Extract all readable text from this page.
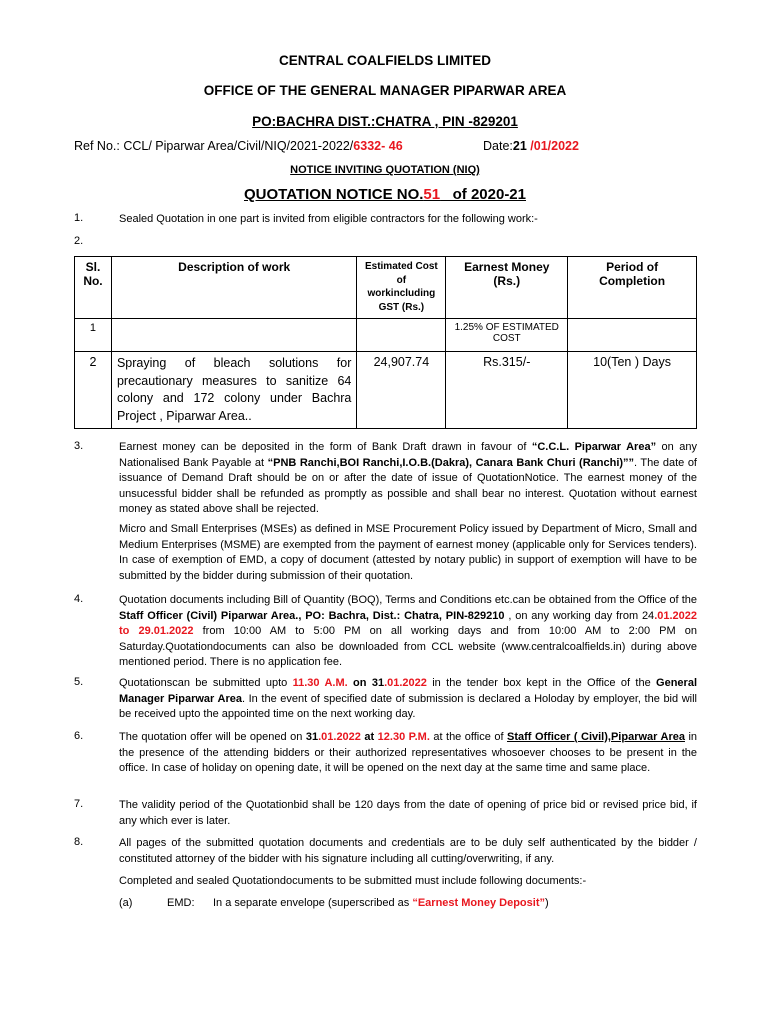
CENTRAL COALFIELDS LIMITED
OFFICE OF THE GENERAL MANAGER PIPARWAR AREA
PO:BACHRA DIST.:CHATRA , PIN -829201
Ref No.: CCL/ Piparwar Area/Civil/NIQ/2021-2022/6332- 46	Date:21 /01/2022
NOTICE INVITING QUOTATION (NIQ)
QUOTATION NOTICE NO.51_ of 2020-21
1.	Sealed Quotation in one part is invited from eligible contractors for the following work:-
2.
Sl. No.	Description of work	Estimated Cost of workincluding GST (Rs.)	Earnest Money (Rs.)	Period of Completion
1			1.25% OF ESTIMATED COST	
2	Spraying of bleach solutions for precautionary measures to sanitize 64 colony and 172 colony under Bachra Project , Piparwar Area..	24,907.74	Rs.315/-	10(Ten ) Days
3.	Earnest money can be deposited in the form of Bank Draft drawn in favour of “C.C.L. Piparwar Area” on any Nationalised Bank Payable at “PNB Ranchi,BOI Ranchi,I.O.B.(Dakra), Canara Bank Churi (Ranchi)””. The date of issuance of Demand Draft should be on or after the date of issue of QuotationNotice. The earnest money of the unsucessful bidder shall be refunded as promptly as possible and shall bear no interest. Quotation without earnest money as stated above shall be rejected.
Micro and Small Enterprises (MSEs) as defined in MSE Procurement Policy issued by Department of Micro, Small and Medium Enterprises (MSME) are exempted from the payment of earnest money (applicable only for Services tenders). In case of exemption of EMD, a copy of document (attested by notary public) in support of exemption will have to be submitted by the bidder during submission of their quotation.
4.	Quotation documents including Bill of Quantity (BOQ), Terms and Conditions etc.can be obtained from the Office of the Staff Officer (Civil) Piparwar Area., PO: Bachra, Dist.: Chatra, PIN-829210 , on any working day from 24.01.2022 to 29.01.2022 from 10:00 AM to 5:00 PM on all working days and from 10:00 AM to 2:00 PM on Saturday.Quotationdocuments can also be downloaded from CCL website (www.centralcoalfields.in) during above mentioned period. There is no application fee.
5.	Quotationscan be submitted upto 11.30 A.M. on 31.01.2022 in the tender box kept in the Office of the General Manager Piparwar Area. In the event of specified date of submission is declared a Holoday by employer, the bid will be received upto the appointed time on the next working day.
6.	The quotation offer will be opened on 31.01.2022 at 12.30 P.M. at the office of Staff Officer ( Civil),Piparwar Area in the presence of the attending bidders or their authorized representatives whosoever chooses to be present in the office. In case of holiday on opening date, it will be opened on the next day at the same time and same place.
7.	The validity period of the Quotationbid shall be 120 days from the date of opening of price bid or revised price bid, if any which ever is later.
8.	All pages of the submitted quotation documents and credentials are to be duly self authenticated by the bidder / constituted attorney of the bidder with his signature including all cutting/overwriting, if any.
Completed and sealed Quotationdocuments to be submitted must include following documents:-
(a)	EMD: In a separate envelope (superscribed as “Earnest Money Deposit”)
